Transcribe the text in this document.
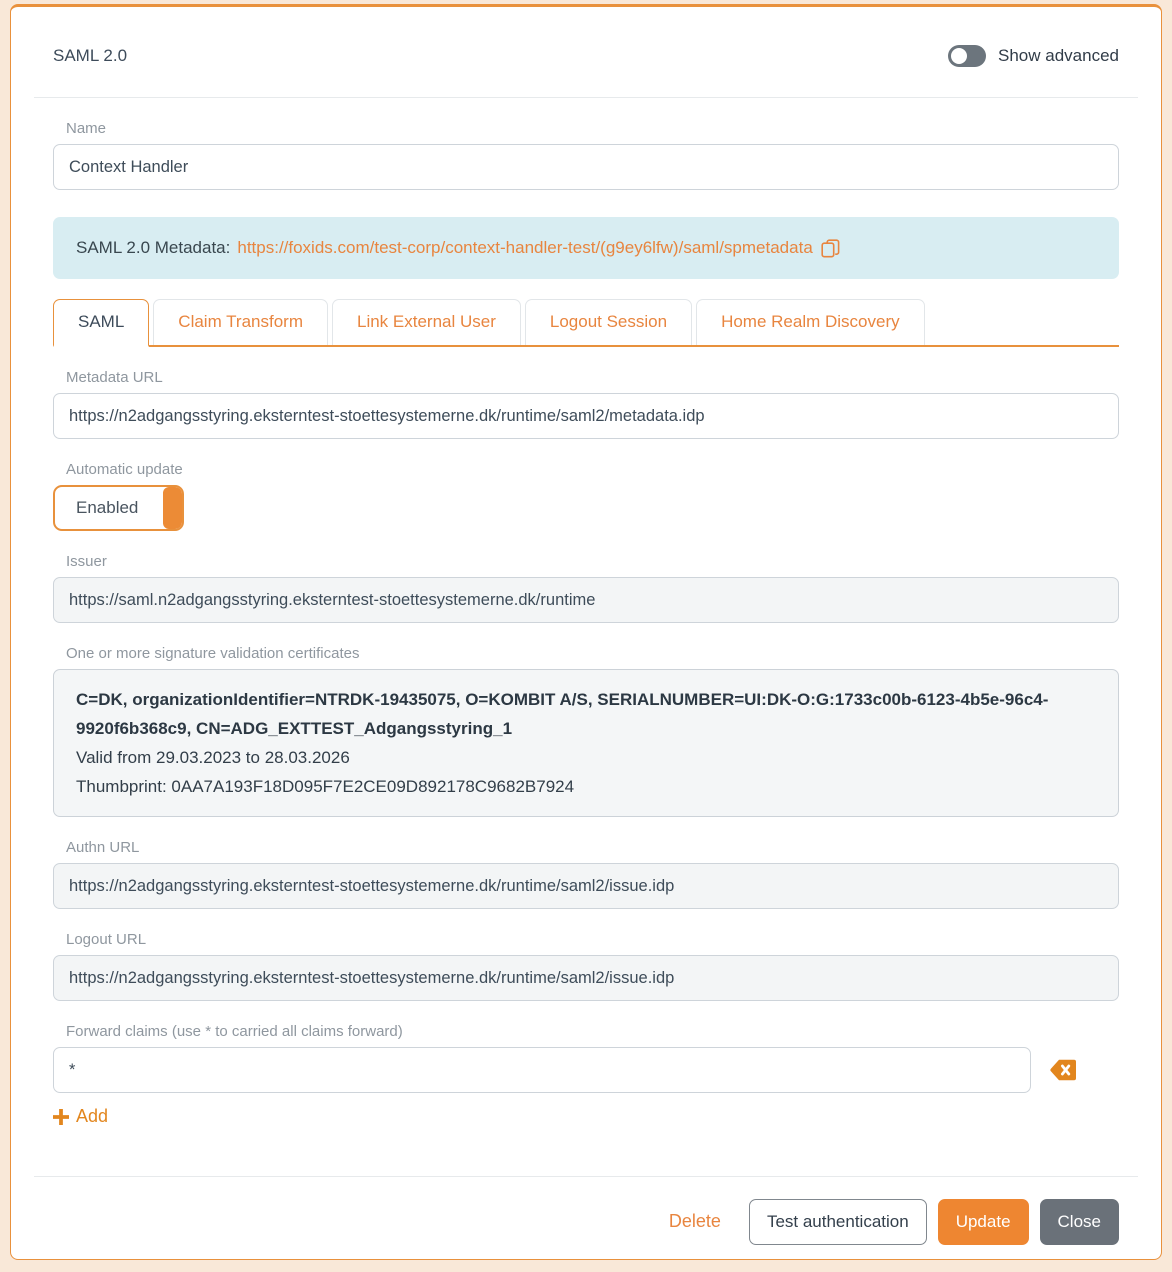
SAML 2.0	Show advanced
Name
Context Handler
SAML 2.0 Metadata: https://foxids.com/test-corp/context-handler-test/(g9ey6lfw)/saml/spmetadata
SAML	Claim Transform	Link External User	Logout Session	Home Realm Discovery
Metadata URL
https://n2adgangsstyring.eksterntest-stoettesystemerne.dk/runtime/saml2/metadata.idp
Automatic update
Enabled
Issuer
https://saml.n2adgangsstyring.eksterntest-stoettesystemerne.dk/runtime
One or more signature validation certificates
C=DK, organizationIdentifier=NTRDK-19435075, O=KOMBIT A/S, SERIALNUMBER=UI:DK-O:G:1733c00b-6123-4b5e-96c4-9920f6b368c9, CN=ADG_EXTTEST_Adgangsstyring_1
Valid from 29.03.2023 to 28.03.2026
Thumbprint: 0AA7A193F18D095F7E2CE09D892178C9682B7924
Authn URL
https://n2adgangsstyring.eksterntest-stoettesystemerne.dk/runtime/saml2/issue.idp
Logout URL
https://n2adgangsstyring.eksterntest-stoettesystemerne.dk/runtime/saml2/issue.idp
Forward claims (use * to carried all claims forward)
*
Add
Delete	Test authentication	Update	Close
